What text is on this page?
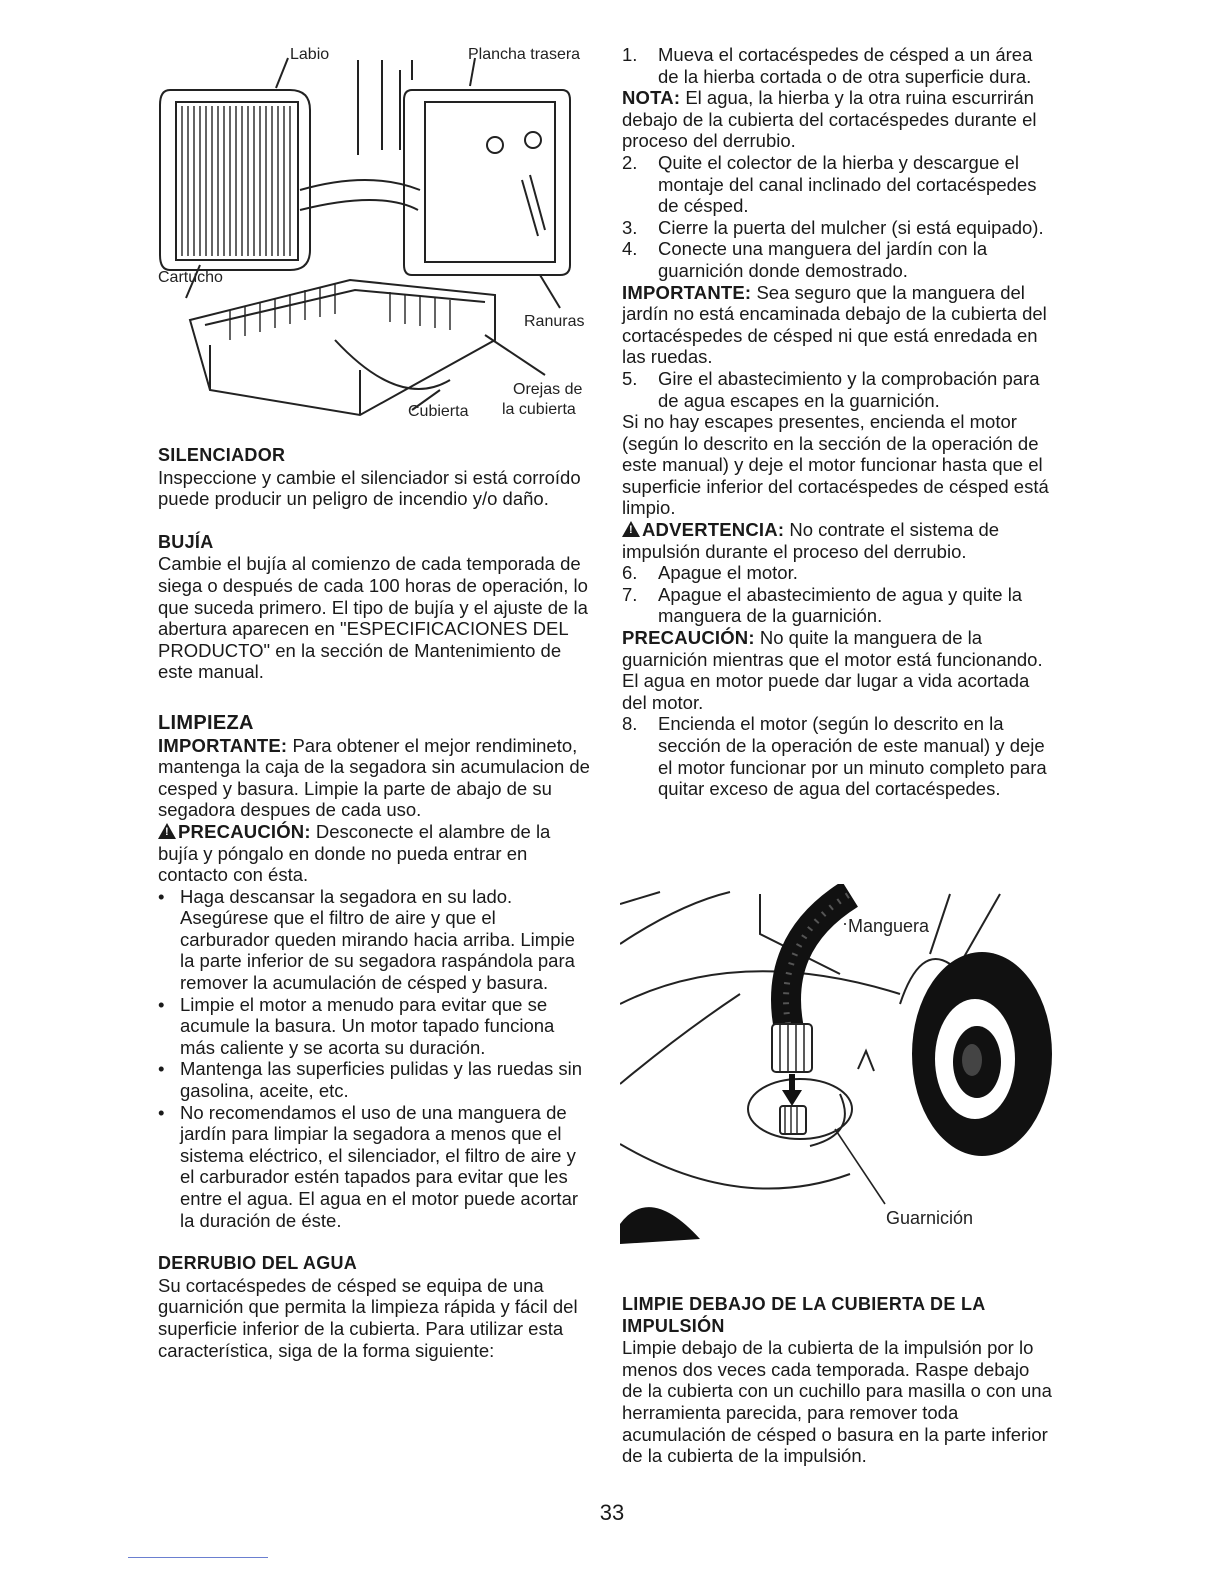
Labio	Plancha trasera
Cartucho
Ranuras
Orejas de
la cubierta
Cubierta
SILENCIADOR

Inspeccione y cambie el silenciador si está corroído puede producir un peligro de incendio y/o daño.

BUJÍA

Cambie el bujía al comienzo de cada temporada de siega o después de cada 100 horas de operación, lo que suceda primero. El tipo de bujía y el ajuste de la abertura aparecen en "ESPECIFICACIONES DEL PRODUCTO" en la sección de Mantenimiento de este manual.

LIMPIEZA

IMPORTANTE: Para obtener el mejor rendimineto, mantenga la caja de la segadora sin acumulacion de cesped y basura. Limpie la parte de abajo de su segadora despues de cada uso.

!PRECAUCIÓN: Desconecte el alambre de la bujía y póngalo en donde no pueda entrar en contacto con ésta.

• Haga descansar la segadora en su lado. Asegúrese que el filtro de aire y que el carburador queden mirando hacia arriba. Limpie la parte inferior de su segadora raspándola para remover la acumulación de césped y basura.

• Limpie el motor a menudo para evitar que se acumule la basura. Un motor tapado funciona más caliente y se acorta su duración.

• Mantenga las superficies pulidas y las ruedas sin gasolina, aceite, etc.

• No recomendamos el uso de una manguera de jardín para limpiar la segadora a menos que el sistema eléctrico, el silenciador, el filtro de aire y el carburador estén tapados para evitar que les entre el agua. El agua en el motor puede acortar la duración de éste.

DERRUBIO DEL AGUA

Su cortacéspedes de césped se equipa de una guarnición que permita la limpieza rápida y fácil del superficie inferior de la cubierta. Para utilizar esta característica, siga de la forma siguiente:

1. Mueva el cortacéspedes de césped a un área de la hierba cortada o de otra superficie dura.

NOTA: El agua, la hierba y la otra ruina escurrirán debajo de la cubierta del cortacéspedes durante el proceso del derrubio.

2. Quite el colector de la hierba y descargue el montaje del canal inclinado del cortacéspedes de césped.

3. Cierre la puerta del mulcher (si está equipado).

4. Conecte una manguera del jardín con la guarnición donde demostrado.

IMPORTANTE: Sea seguro que la manguera del jardín no está encaminada debajo de la cubierta del cortacéspedes de césped ni que está enredada en las ruedas.

5. Gire el abastecimiento y la comprobación para de agua escapes en la guarnición.

Si no hay escapes presentes, encienda el motor (según lo descrito en la sección de la operación de este manual) y deje el motor funcionar hasta que el superficie inferior del cortacéspedes de césped está limpio.

!ADVERTENCIA: No contrate el sistema de impulsión durante el proceso del derrubio.

6. Apague el motor.

7. Apague el abastecimiento de agua y quite la manguera de la guarnición.

PRECAUCIÓN: No quite la manguera de la guarnición mientras que el motor está funcionando. El agua en motor puede dar lugar a vida acortada del motor.

8. Encienda el motor (según lo descrito en la sección de la operación de este manual) y deje el motor funcionar por un minuto completo para quitar exceso de agua del cortacéspedes.

Manguera
Guarnición
LIMPIE DEBAJO DE LA CUBIERTA DE LA IMPULSIÓN

Limpie debajo de la cubierta de la impulsión por lo menos dos veces cada temporada. Raspe debajo de la cubierta con un cuchillo para masilla o con una herramienta parecida, para remover toda acumulación de césped o basura en la parte inferior de la cubierta de la impulsión.

33
